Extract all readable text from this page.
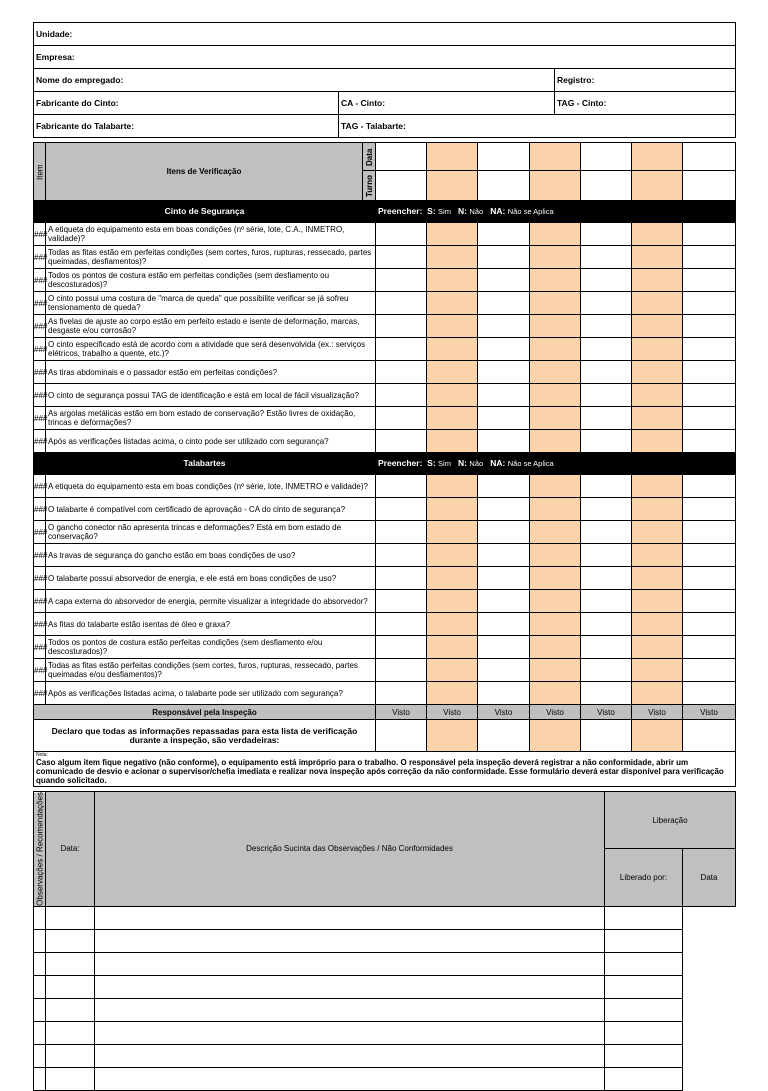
Unidade:		
Empresa:		
Nome do empregado:		Registro:
Fabricante do Cinto:	CA - Cinto:	TAG - Cinto:
Fabricante do Talabarte:	TAG - Talabarte:	
Item	Itens de Verificação	Data							
		Turno							
Cinto de Segurança			Preencher: S: Sim N: Não NA: Não se Aplica						
###	A etiqueta do equipamento esta em boas condições (nº série, lote, C.A., INMETRO, validade)?								
###	Todas as fitas estão em perfeitas condições (sem cortes, furos, rupturas, ressecado, partes queimadas, desfiamentos)?								
###	Todos os pontos de costura estão em perfeitas condições (sem desfiamento ou descosturados)?								
###	O cinto possui uma costura de "marca de queda" que possibilite verificar se já sofreu tensionamento de queda?								
###	As fivelas de ajuste ao corpo estão em perfeito estado e isente de deformação, marcas, desgaste e/ou corrosão?								
###	O cinto especificado está de acordo com a atividade que será desenvolvida (ex.: serviços elétricos, trabalho a quente, etc.)?								
###	As tiras abdominais e o passador estão em perfeitas condições?								
###	O cinto de segurança possui TAG de identificação e está em local de fácil visualização?								
###	As argolas metálicas estão em bom estado de conservação? Estão livres de oxidação, trincas e deformações?								
###	Após as verificações listadas acima, o cinto pode ser utilizado com segurança?								
Talabartes			Preencher: S: Sim N: Não NA: Não se Aplica						
###	A etiqueta do equipamento esta em boas condições (nº série, lote, INMETRO e validade)?								
###	O talabarte é compatível com certificado de aprovação - CA do cinto de segurança?								
###	O gancho conector não apresenta trincas e deformações? Está em bom estado de conservação?								
###	As travas de segurança do gancho estão em boas condições de uso?								
###	O talabarte possui absorvedor de energia, e ele está em boas condições de uso?								
###	A capa externa do absorvedor de energia, permite visualizar a integridade do absorvedor?								
###	As fitas do talabarte estão isentas de óleo e graxa?								
###	Todos os pontos de costura estão perfeitas condições (sem desfiamento e/ou descosturados)?								
###	Todas as fitas estão perfeitas condições (sem cortes, furos, rupturas, ressecado, partes queimadas e/ou desfiamentos)?								
###	Após as verificações listadas acima, o talabarte pode ser utilizado com segurança?								
Responsável pela Inspeção			Visto	Visto	Visto	Visto	Visto	Visto	Visto
Declaro que todas as informações repassadas para esta lista de verificação durante a inspeção, são verdadeiras:									

Nota:
Caso algum item fique negativo (não conforme), o equipamento está impróprio para o trabalho. O responsável pela inspeção deverá registrar a não conformidade, abrir um comunicado de desvio e acionar o supervisor/chefia imediata e realizar nova inspeção após correção da não conformidade. Esse formulário deverá estar disponível para verificação quando solicitado.									
Observações / Recomendações	Data:	Descrição Sucinta das Observações / Não Conformidades	Liberação	
			Liberado por:	Data
